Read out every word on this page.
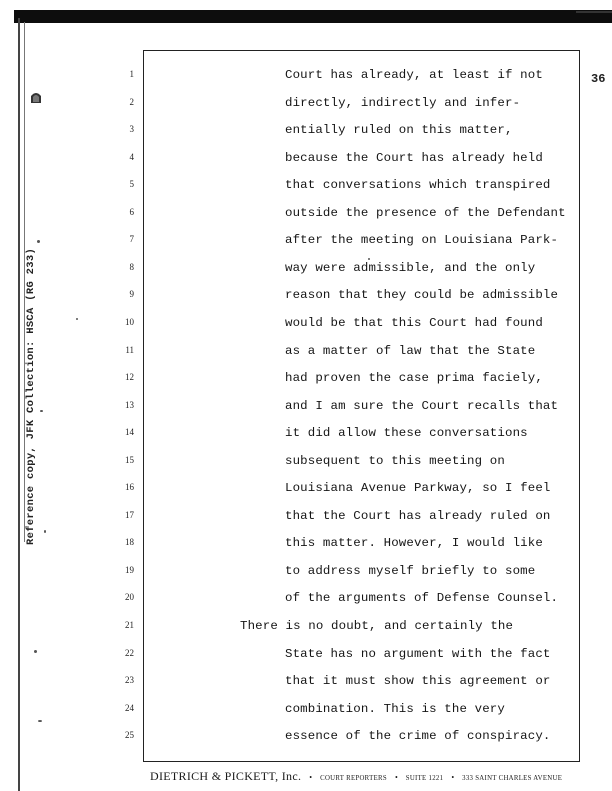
Reference copy, JFK Collection: HSCA (RG 233)
36
1	Court has already, at least if not
2	directly, indirectly and infer-
3	entially ruled on this matter,
4	because the Court has already held
5	that conversations which transpired
6	outside the presence of the Defendant
7	after the meeting on Louisiana Park-
8	way were admissible, and the only
9	reason that they could be admissible
10	would be that this Court had found
11	as a matter of law that the State
12	had proven the case prima faciely,
13	and I am sure the Court recalls that
14	it did allow these conversations
15	subsequent to this meeting on
16	Louisiana Avenue Parkway, so I feel
17	that the Court has already ruled on
18	this matter. However, I would like
19	to address myself briefly to some
20	of the arguments of Defense Counsel.
21	There is no doubt, and certainly the
22	State has no argument with the fact
23	that it must show this agreement or
24	combination. This is the very
25	essence of the crime of conspiracy.
DIETRICH & PICKETT, Inc. • COURT REPORTERS • SUITE 1221 • 333 SAINT CHARLES AVENUE
